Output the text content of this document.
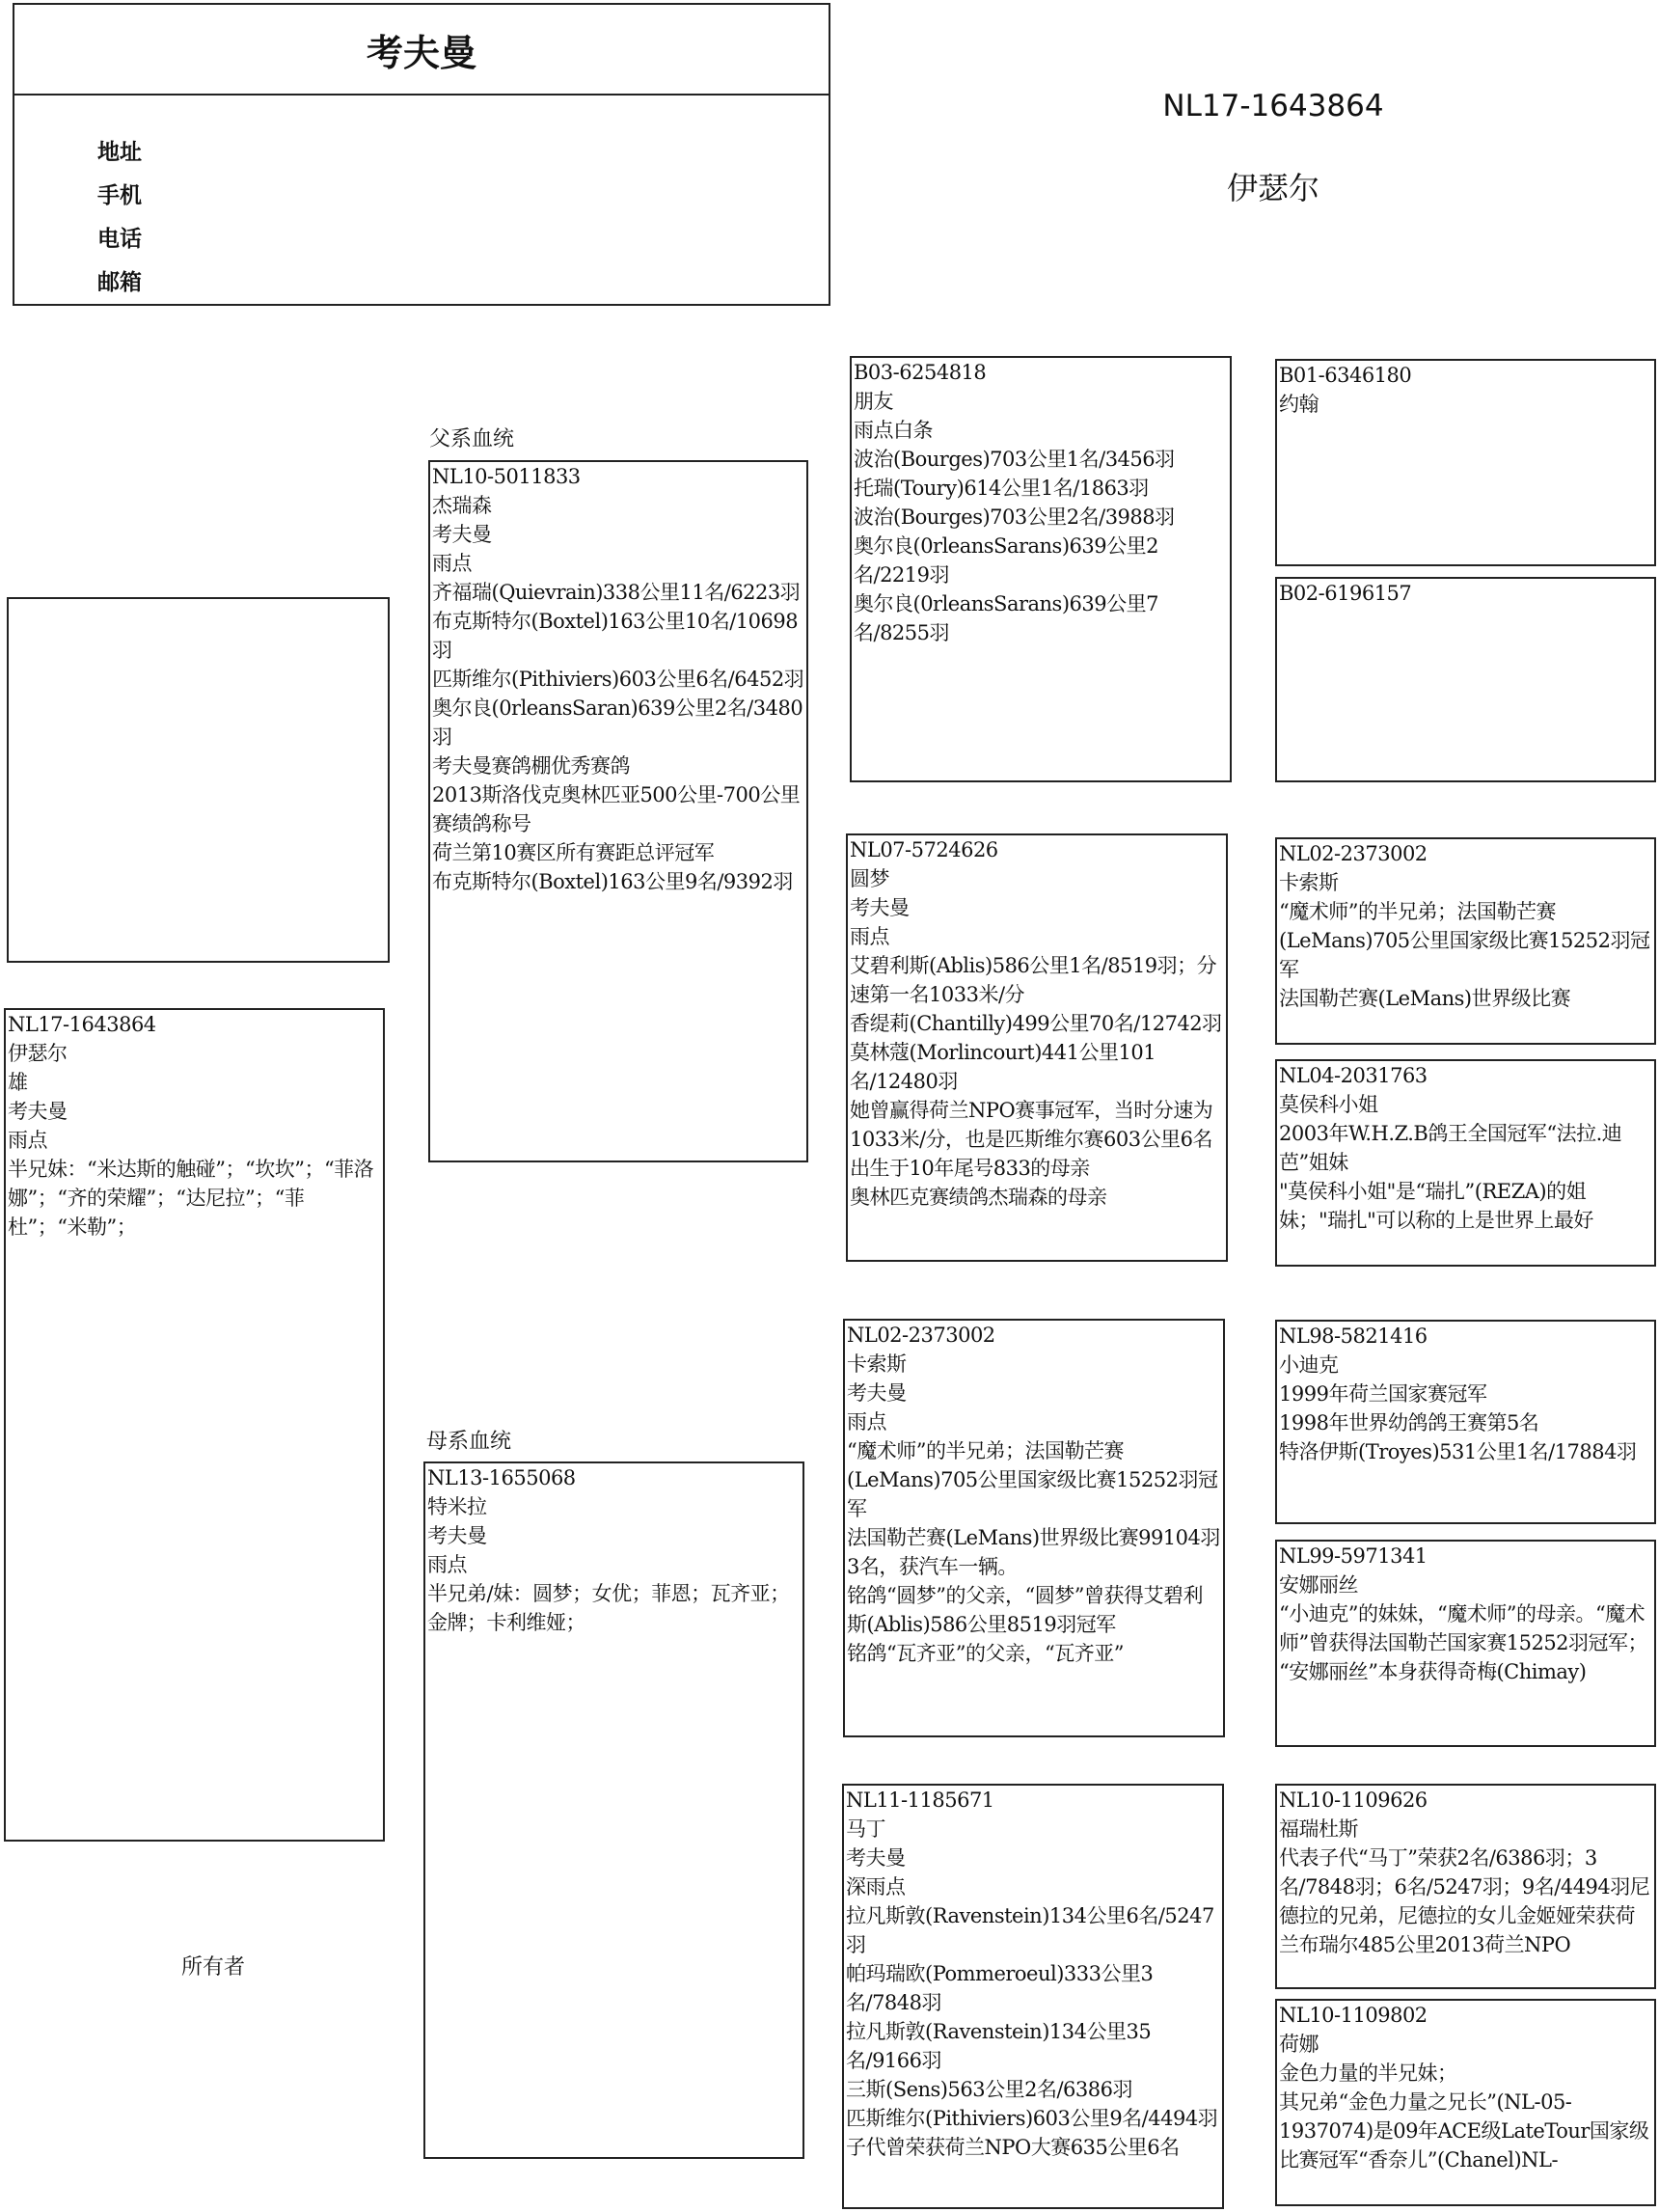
考夫曼
地址
手机
电话
邮箱
NL17-1643864
伊瑟尔
NL17-1643864
伊瑟尔
雄
考夫曼
雨点
半兄妹：“米达斯的触碰”；“坎坎”；“菲洛娜”；“齐的荣耀”；“达尼拉”；“菲杜”；“米勒”；
父系血统
母系血统
所有者
NL10-5011833
杰瑞森
考夫曼
雨点
齐福瑞(Quievrain)338公里11名/6223羽
布克斯特尔(Boxtel)163公里10名/10698羽
匹斯维尔(Pithiviers)603公里6名/6452羽
奥尔良(0rleansSaran)639公里2名/3480羽
考夫曼赛鸽棚优秀赛鸽
2013斯洛伐克奥林匹亚500公里-700公里赛绩鸽称号
荷兰第10赛区所有赛距总评冠军
布克斯特尔(Boxtel)163公里9名/9392羽
NL13-1655068
特米拉
考夫曼
雨点
半兄弟/妹：圆梦；女优；菲恩；瓦齐亚；金牌；卡利维娅；
B03-6254818
朋友
雨点白条
波治(Bourges)703公里1名/3456羽
托瑞(Toury)614公里1名/1863羽
波治(Bourges)703公里2名/3988羽
奥尔良(0rleansSarans)639公里2名/2219羽
奥尔良(0rleansSarans)639公里7名/8255羽
NL07-5724626
圆梦
考夫曼
雨点
艾碧利斯(Ablis)586公里1名/8519羽；分速第一名1033米/分
香缇莉(Chantilly)499公里70名/12742羽
莫林蔻(Morlincourt)441公里101名/12480羽
她曾赢得荷兰NPO赛事冠军，当时分速为1033米/分，也是匹斯维尔赛603公里6名出生于10年尾号833的母亲
奥林匹克赛绩鸽杰瑞森的母亲
NL02-2373002
卡索斯
考夫曼
雨点
“魔术师”的半兄弟；法国勒芒赛(LeMans)705公里国家级比赛15252羽冠军
法国勒芒赛(LeMans)世界级比赛99104羽3名，获汽车一辆。
铭鸽“圆梦”的父亲，“圆梦”曾获得艾碧利斯(Ablis)586公里8519羽冠军
铭鸽“瓦齐亚”的父亲，“瓦齐亚”
NL11-1185671
马丁
考夫曼
深雨点
拉凡斯敦(Ravenstein)134公里6名/5247羽
帕玛瑞欧(Pommeroeul)333公里3名/7848羽
拉凡斯敦(Ravenstein)134公里35名/9166羽
三斯(Sens)563公里2名/6386羽
匹斯维尔(Pithiviers)603公里9名/4494羽
子代曾荣获荷兰NPO大赛635公里6名
B01-6346180
约翰
B02-6196157
NL02-2373002
卡索斯
“魔术师”的半兄弟；法国勒芒赛(LeMans)705公里国家级比赛15252羽冠军
法国勒芒赛(LeMans)世界级比赛
NL04-2031763
莫侯科小姐
2003年W.H.Z.B鸽王全国冠军“法拉.迪芭”姐妹
"莫侯科小姐"是“瑞扎”(REZA)的姐妹；"瑞扎"可以称的上是世界上最好
NL98-5821416
小迪克
1999年荷兰国家赛冠军
1998年世界幼鸽鸽王赛第5名
特洛伊斯(Troyes)531公里1名/17884羽
NL99-5971341
安娜丽丝
“小迪克”的妹妹，“魔术师”的母亲。“魔术师”曾获得法国勒芒国家赛15252羽冠军；
“安娜丽丝”本身获得奇梅(Chimay)
NL10-1109626
福瑞杜斯
代表子代“马丁”荣获2名/6386羽；3名/7848羽；6名/5247羽；9名/4494羽尼德拉的兄弟，尼德拉的女儿金姬娅荣获荷兰布瑞尔485公里2013荷兰NPO
NL10-1109802
荷娜
金色力量的半兄妹；
其兄弟“金色力量之兄长”(NL-05-1937074)是09年ACE级LateTour国家级比赛冠军“香奈儿”(Chanel)NL-
